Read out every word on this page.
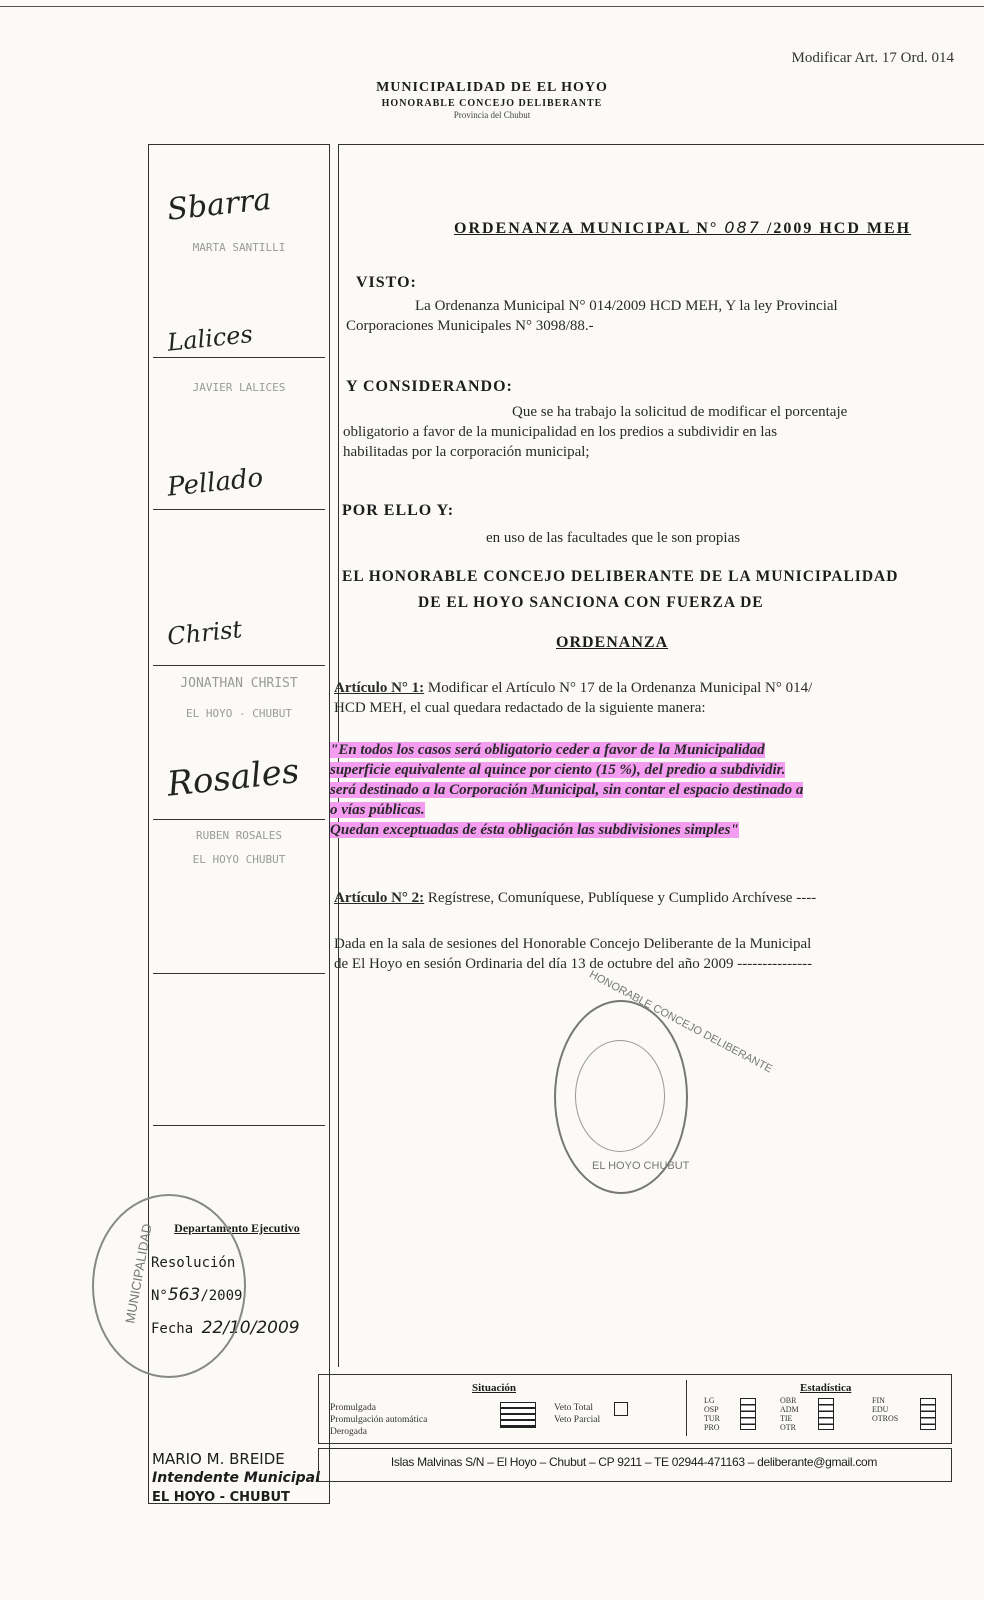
Modificar Art. 17 Ord. 014
MUNICIPALIDAD DE EL HOYO
HONORABLE CONCEJO DELIBERANTE
Provincia del Chubut
Sbarra
MARTA SANTILLI
Lalices
JAVIER LALICES
Pellado
Christ
JONATHAN CHRIST
EL HOYO - CHUBUT
Rosales
RUBEN ROSALES
EL HOYO CHUBUT
Departamento Ejecutivo
Resolución N°563/2009
Fecha 22/10/2009
MUNICIPALIDAD
MARIO M. BREIDE
Intendente Municipal
EL HOYO - CHUBUT
ORDENANZA MUNICIPAL N° 087 /2009 HCD MEH
VISTO:
La Ordenanza Municipal N° 014/2009 HCD MEH, Y la ley Provincial
Corporaciones Municipales N° 3098/88.-
Y CONSIDERANDO:
Que se ha trabajo la solicitud de modificar el porcentaje
obligatorio a favor de la municipalidad en los predios a subdividir en las
habilitadas por la corporación municipal;
POR ELLO Y:
en uso de las facultades que le son propias
EL HONORABLE CONCEJO DELIBERANTE DE LA MUNICIPALIDAD
DE EL HOYO SANCIONA CON FUERZA DE
ORDENANZA
Artículo N° 1: Modificar el Artículo N° 17 de la Ordenanza Municipal N° 014/
HCD MEH, el cual quedara redactado de la siguiente manera:
"En todos los casos será obligatorio ceder a favor de la Municipalidad
superficie equivalente al quince por ciento (15 %), del predio a subdividir.
será destinado a la Corporación Municipal, sin contar el espacio destinado a
o vías públicas.
Quedan exceptuadas de ésta obligación las subdivisiones simples"
Artículo N° 2: Regístrese, Comuníquese, Publíquese y Cumplido Archívese ----
Dada en la sala de sesiones del Honorable Concejo Deliberante de la Municipal
de El Hoyo en sesión Ordinaria del día 13 de octubre del año 2009 ---------------
HONORABLE CONCEJO DELIBERANTE
EL HOYO CHUBUT
Situación
Promulgada
Promulgación automática
Derogada
Veto Total
Veto Parcial
Estadística
LG
OSP
TUR
PRO
OBR
ADM
TIE
OTR
FIN
EDU
OTROS
Islas Malvinas S/N – El Hoyo – Chubut – CP 9211 – TE 02944-471163 – deliberante@gmail.com
